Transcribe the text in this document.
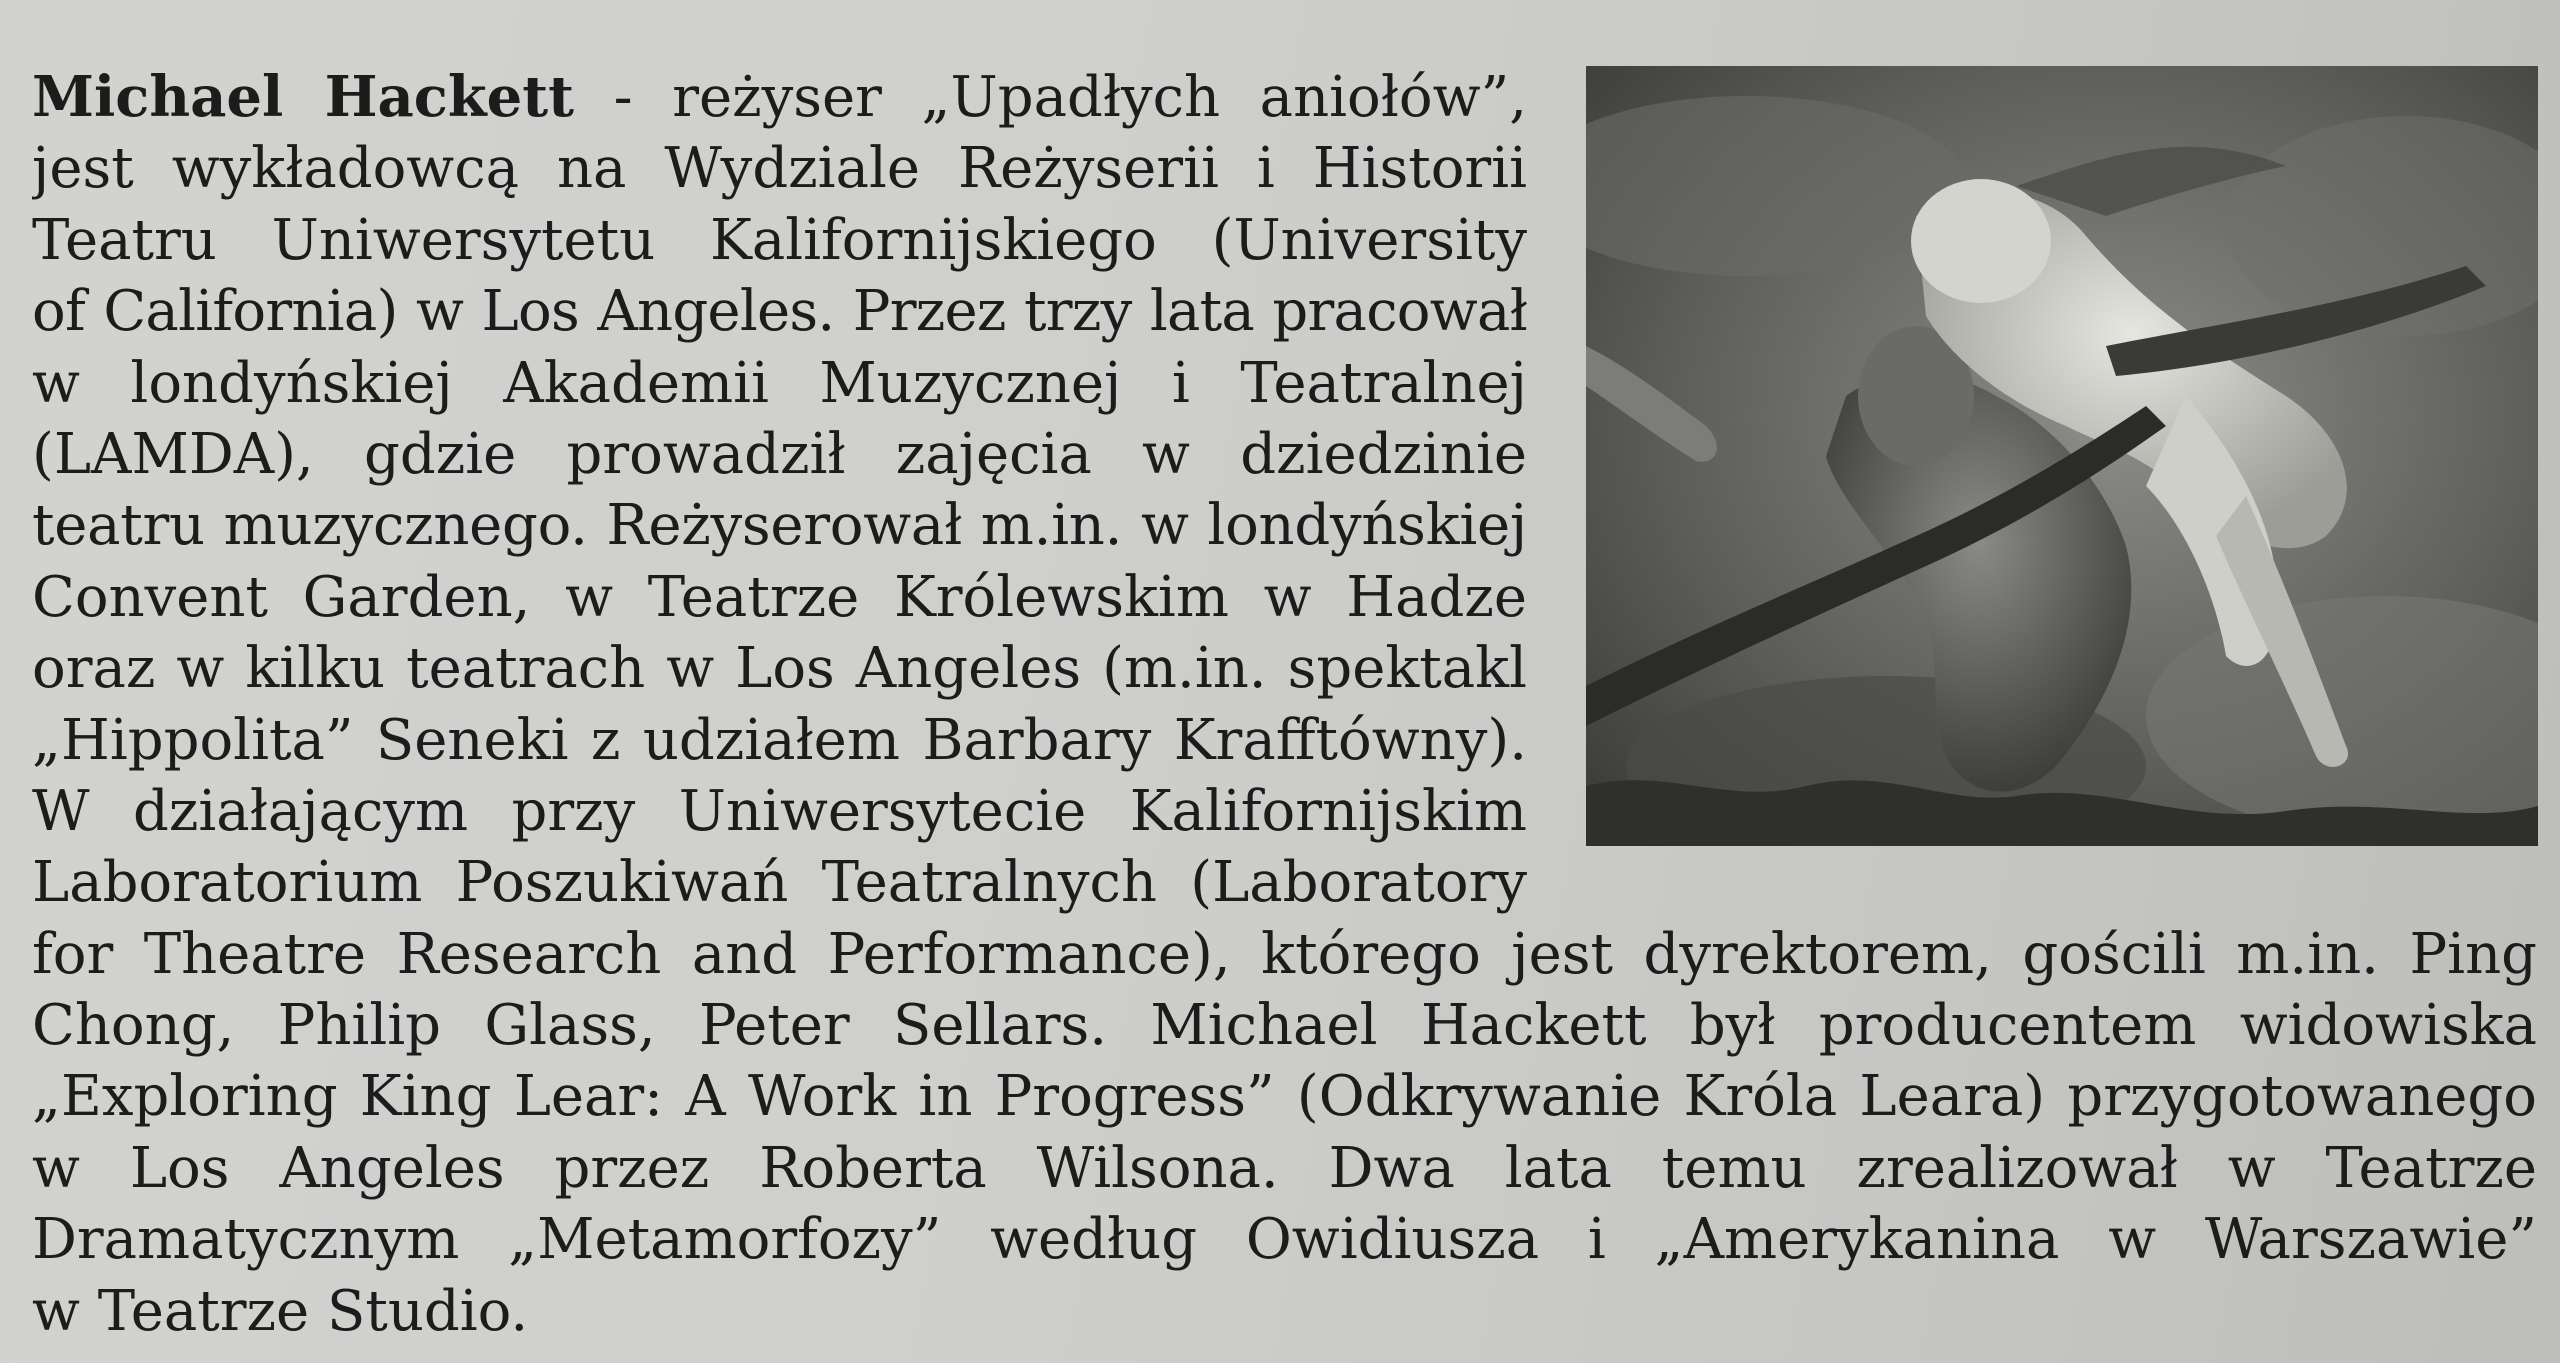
Michael Hackett - reżyser „Upadłych aniołów”,
jest wykładowcą na Wydziale Reżyserii i Historii
Teatru Uniwersytetu Kalifornijskiego (University
of California) w Los Angeles. Przez trzy lata pracował
w londyńskiej Akademii Muzycznej i Teatralnej
(LAMDA), gdzie prowadził zajęcia w dziedzinie
teatru muzycznego. Reżyserował m.in. w londyńskiej
Convent Garden, w Teatrze Królewskim w Hadze
oraz w kilku teatrach w Los Angeles (m.in. spektakl
„Hippolita” Seneki z udziałem Barbary Krafftówny).
W działającym przy Uniwersytecie Kalifornijskim
Laboratorium Poszukiwań Teatralnych (Laboratory
for Theatre Research and Performance), którego jest dyrektorem, gościli m.in. Ping
Chong, Philip Glass, Peter Sellars. Michael Hackett był producentem widowiska
„Exploring King Lear: A Work in Progress” (Odkrywanie Króla Leara) przygotowanego
w Los Angeles przez Roberta Wilsona. Dwa lata temu zrealizował w Teatrze
Dramatycznym „Metamorfozy” według Owidiusza i „Amerykanina w Warszawie”
w Teatrze Studio.
